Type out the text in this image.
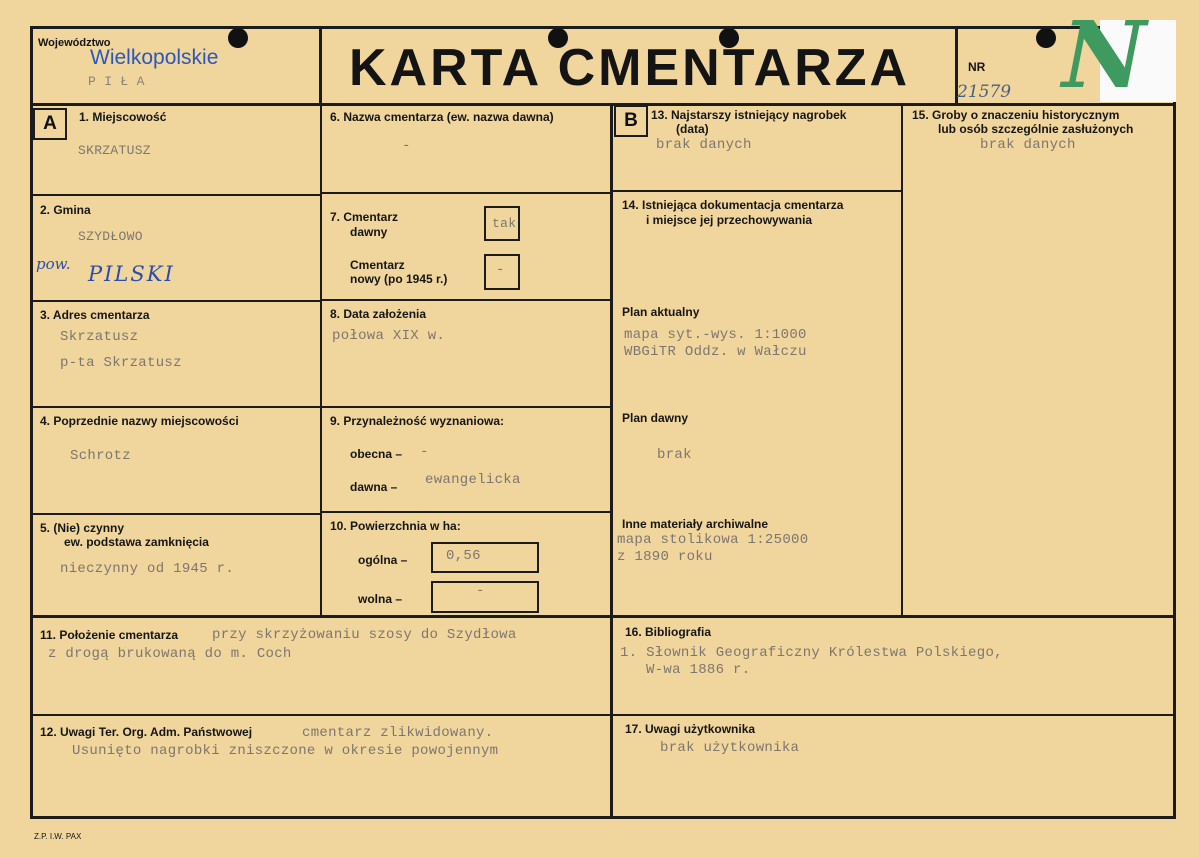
Województwo
Wielkopolskie
P I Ł A	KARTA CMENTARZA	NR
21579 N
A	B
1. Miejscowość
SKRZATUSZ
2. Gmina
SZYDŁOWO
pow. PILSKI
3. Adres cmentarza
Skrzatusz
p-ta Skrzatusz
4. Poprzednie nazwy miejscowości
Schrotz
5. (Nie) czynny
ew. podstawa zamknięcia
nieczynny od 1945 r.
6. Nazwa cmentarza (ew. nazwa dawna)
-
7. Cmentarz
dawny
tak
Cmentarz
nowy (po 1945 r.)
-
8. Data założenia
połowa XIX w.
9. Przynależność wyznaniowa:
obecna – -
dawna – ewangelicka
10. Powierzchnia w ha:
ogólna –	0,56
wolna –	-
11. Położenie cmentarza przy skrzyżowaniu szosy do Szydłowa
z drogą brukowaną do m. Coch
12. Uwagi Ter. Org. Adm. Państwowej	cmentarz zlikwidowany.
Usunięto nagrobki zniszczone w okresie powojennym
13. Najstarszy istniejący nagrobek
(data)
brak danych
14. Istniejąca dokumentacja cmentarza
i miejsce jej przechowywania
Plan aktualny
mapa syt.-wys. 1:1000
WBGiTR Oddz. w Wałczu
Plan dawny
brak
Inne materiały archiwalne
mapa stolikowa 1:25000
z 1890 roku
15. Groby o znaczeniu historycznym
lub osób szczególnie zasłużonych
brak danych
16. Bibliografia
1. Słownik Geograficzny Królestwa Polskiego,
W-wa 1886 r.
17. Uwagi użytkownika
brak użytkownika
Z.P. I.W. PAX
